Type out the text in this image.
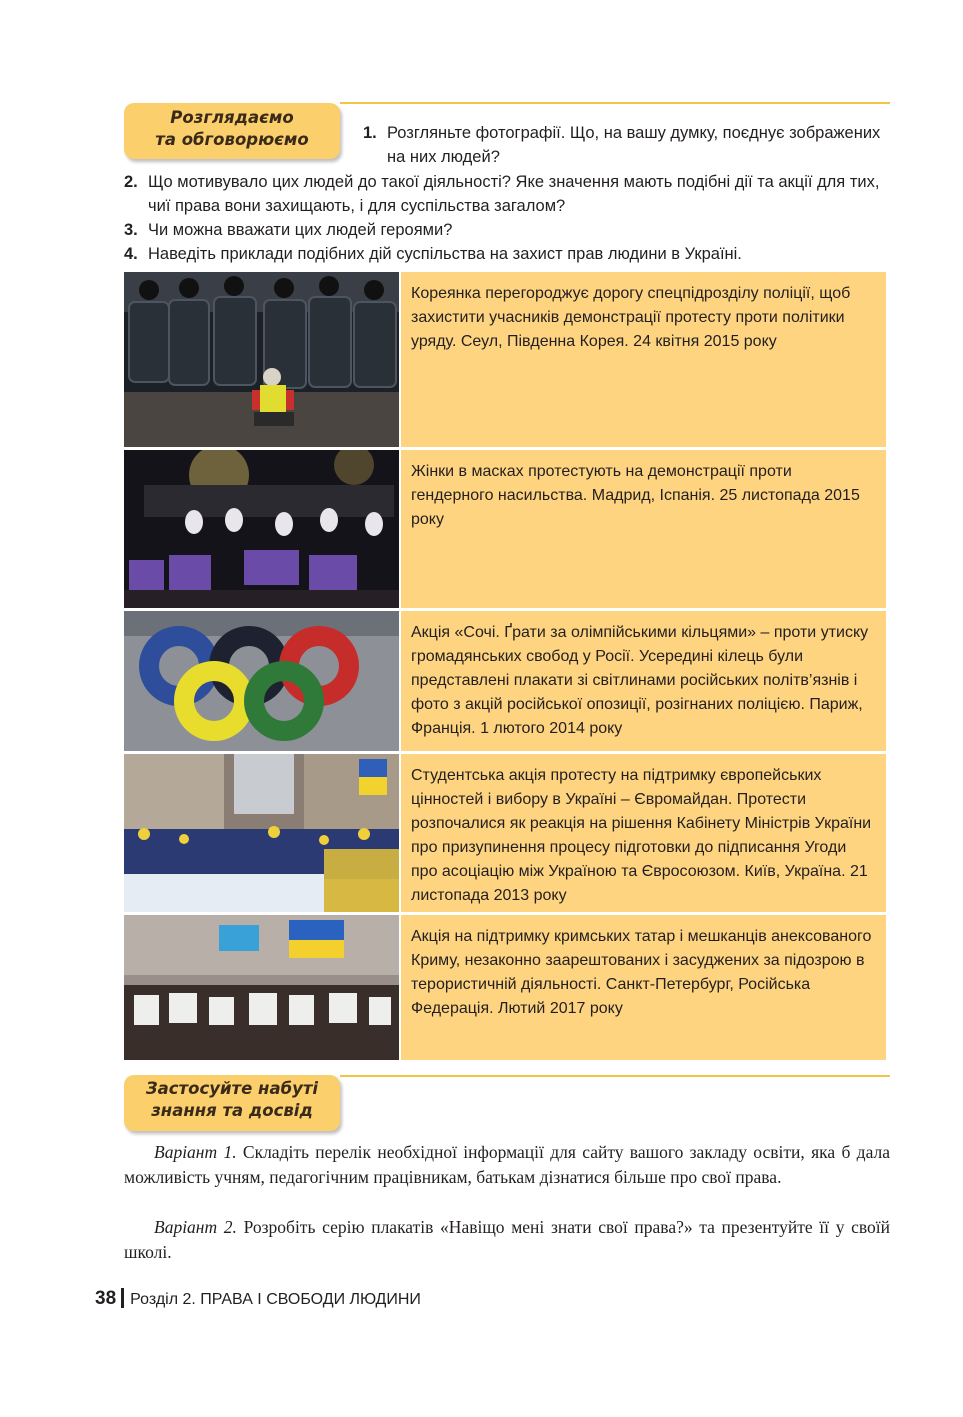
Розглядаємо
та обговорюємо	1. Розгляньте фотографії. Що, на вашу думку, поєднує зображених на них людей?
2. Що мотивувало цих людей до такої діяльності? Яке значення мають подібні дії та акції для тих, чиї права вони захищають, і для суспільства загалом?
3. Чи можна вважати цих людей героями?
4. Наведіть приклади подібних дій суспільства на захист прав людини в Україні.
Кореянка перегороджує дорогу спецпідрозділу поліції, щоб захистити учасників демонстрації протесту проти політики уряду. Сеул, Південна Корея. 24 квітня 2015 року
Жінки в масках протестують на демонстрації проти гендерного насильства. Мадрид, Іспанія. 25 листопада 2015 року
Акція «Сочі. Ґрати за олімпійськими кільцями» – проти утиску громадянських свобод у Росії. Усередині кілець були представлені плакати зі світлинами російських політв’язнів і фото з акцій російської опозиції, розігнаних поліцією. Париж, Франція. 1 лютого 2014 року
Студентська акція протесту на підтримку європейських цінностей і вибору в Україні – Євромайдан. Протести розпочалися як реакція на рішення Кабінету Міністрів України про призупинення процесу підготовки до підписання Угоди про асоціацію між Україною та Євросоюзом. Київ, Україна. 21 листопада 2013 року
Акція на підтримку кримських татар і мешканців анексованого Криму, незаконно заарештованих і засуджених за підозрою в терористичній діяльності. Санкт-Петербург, Російська Федерація. Лютий 2017 року
Застосуйте набуті
знання та досвід
Варіант 1. Складіть перелік необхідної інформації для сайту вашого закладу освіти, яка б дала можливість учням, педагогічним працівникам, батькам дізнатися більше про свої права.
Варіант 2. Розробіть серію плакатів «Навіщо мені знати свої права?» та презентуйте її у своїй школі.
38 Розділ 2. ПРАВА І СВОБОДИ ЛЮДИНИ
